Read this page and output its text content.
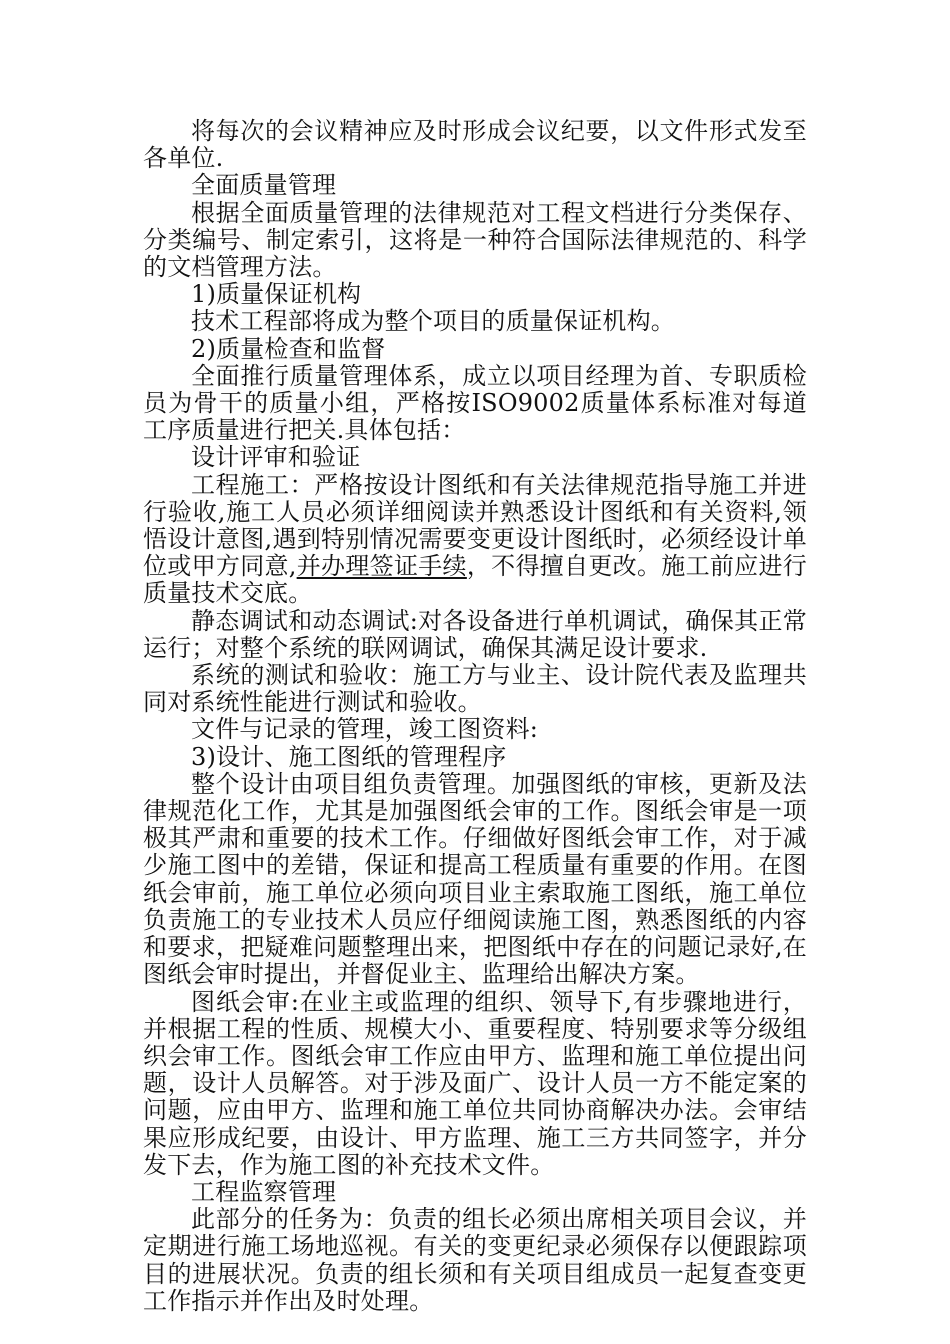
将每次的会议精神应及时形成会议纪要，以文件形式发至各单位.

全面质量管理

根据全面质量管理的法律规范对工程文档进行分类保存、分类编号、制定索引，这将是一种符合国际法律规范的、科学的文档管理方法。

1)质量保证机构

技术工程部将成为整个项目的质量保证机构。

2)质量检查和监督

全面推行质量管理体系，成立以项目经理为首、专职质检员为骨干的质量小组，严格按ISO9002质量体系标准对每道工序质量进行把关.具体包括：

设计评审和验证

工程施工：严格按设计图纸和有关法律规范指导施工并进行验收,施工人员必须详细阅读并熟悉设计图纸和有关资料,领悟设计意图,遇到特别情况需要变更设计图纸时，必须经设计单位或甲方同意,并办理签证手续，不得擅自更改。施工前应进行质量技术交底。

静态调试和动态调试:对各设备进行单机调试，确保其正常运行；对整个系统的联网调试，确保其满足设计要求.

系统的测试和验收：施工方与业主、设计院代表及监理共同对系统性能进行测试和验收。

文件与记录的管理，竣工图资料:

3)设计、施工图纸的管理程序

整个设计由项目组负责管理。加强图纸的审核，更新及法律规范化工作，尤其是加强图纸会审的工作。图纸会审是一项极其严肃和重要的技术工作。仔细做好图纸会审工作，对于减少施工图中的差错，保证和提高工程质量有重要的作用。在图纸会审前，施工单位必须向项目业主索取施工图纸，施工单位负责施工的专业技术人员应仔细阅读施工图，熟悉图纸的内容和要求，把疑难问题整理出来，把图纸中存在的问题记录好,在图纸会审时提出，并督促业主、监理给出解决方案。

图纸会审:在业主或监理的组织、领导下,有步骤地进行，并根据工程的性质、规模大小、重要程度、特别要求等分级组织会审工作。图纸会审工作应由甲方、监理和施工单位提出问题，设计人员解答。对于涉及面广、设计人员一方不能定案的问题，应由甲方、监理和施工单位共同协商解决办法。会审结果应形成纪要，由设计、甲方监理、施工三方共同签字，并分发下去，作为施工图的补充技术文件。

工程监察管理

此部分的任务为：负责的组长必须出席相关项目会议，并定期进行施工场地巡视。有关的变更纪录必须保存以便跟踪项目的进展状况。负责的组长须和有关项目组成员一起复查变更工作指示并作出及时处理。
